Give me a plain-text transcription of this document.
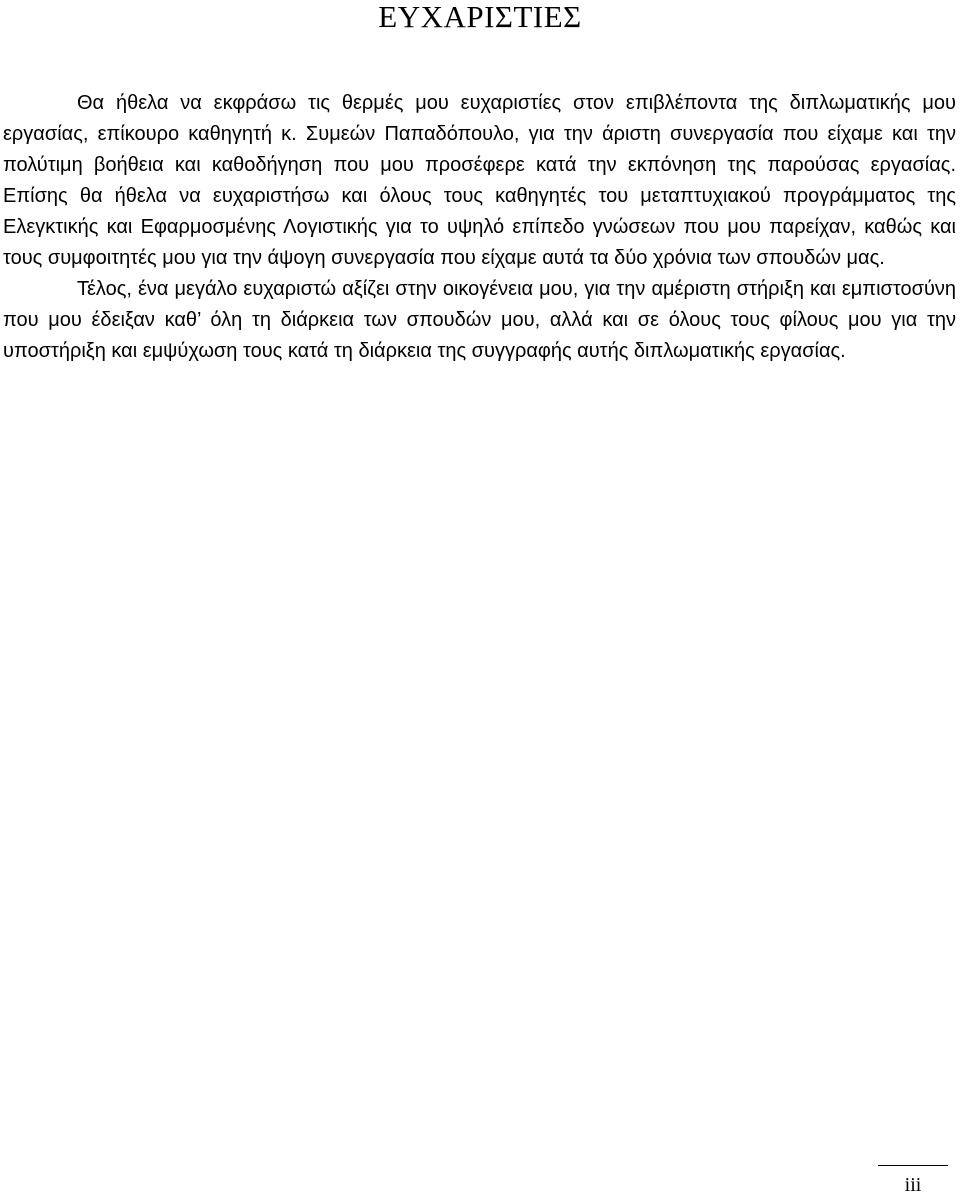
ΕΥΧΑΡΙΣΤΙΕΣ

Θα ήθελα να εκφράσω τις θερμές μου ευχαριστίες στον επιβλέποντα της διπλωματικής μου εργασίας, επίκουρο καθηγητή κ. Συμεών Παπαδόπουλο, για την άριστη συνεργασία που είχαμε και την πολύτιμη βοήθεια και καθοδήγηση που μου προσέφερε κατά την εκπόνηση της παρούσας εργασίας. Επίσης θα ήθελα να ευχαριστήσω και όλους τους καθηγητές του μεταπτυχιακού προγράμματος της Ελεγκτικής και Εφαρμοσμένης Λογιστικής για το υψηλό επίπεδο γνώσεων που μου παρείχαν, καθώς και τους συμφοιτητές μου για την άψογη συνεργασία που είχαμε αυτά τα δύο χρόνια των σπουδών μας.

Τέλος, ένα μεγάλο ευχαριστώ αξίζει στην οικογένεια μου, για την αμέριστη στήριξη και εμπιστοσύνη που μου έδειξαν καθ’ όλη τη διάρκεια των σπουδών μου, αλλά και σε όλους τους φίλους μου για την υποστήριξη και εμψύχωση τους κατά τη διάρκεια της συγγραφής αυτής διπλωματικής εργασίας.

iii
